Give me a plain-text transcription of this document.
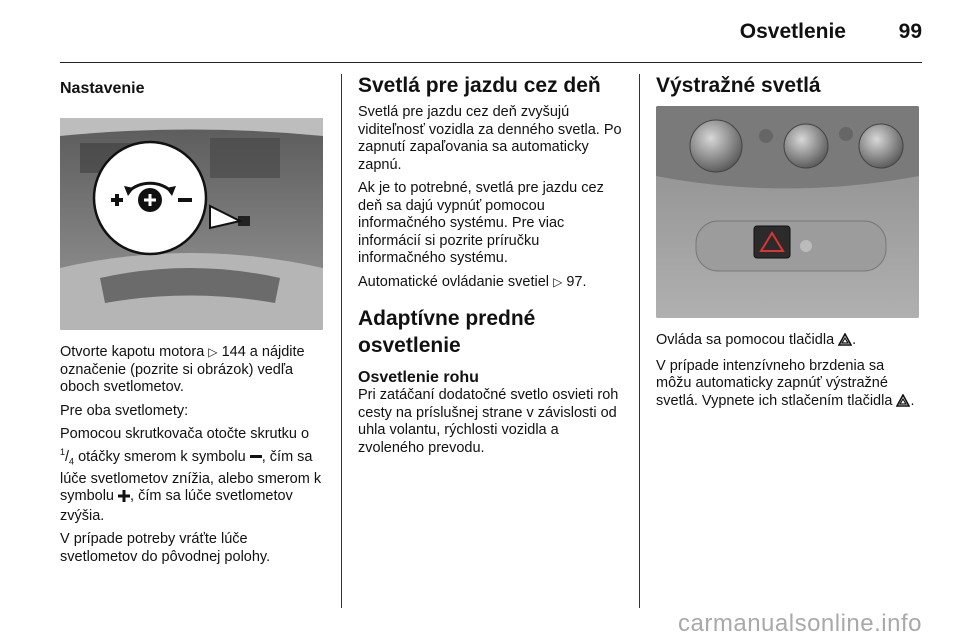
Osvetlenie	99
Nastavenie

Otvorte kapotu motora ▷ 144 a nájdite označenie (pozrite si obrázok) vedľa oboch svetlometov.

Pre oba svetlomety:

Pomocou skrutkovača otočte skrutku o $^1/_4$ otáčky smerom k symbolu , čím sa lúče svetlometov znížia, alebo smerom k symbolu , čím sa lúče svetlometov zvýšia.

V prípade potreby vráťte lúče svetlometov do pôvodnej polohy.

Svetlá pre jazdu cez deň

Svetlá pre jazdu cez deň zvyšujú viditeľnosť vozidla za denného svetla. Po zapnutí zapaľovania sa automaticky zapnú.

Ak je to potrebné, svetlá pre jazdu cez deň sa dajú vypnúť pomocou informačného systému. Pre viac informácií si pozrite príručku informačného systému.

Automatické ovládanie svetiel ▷ 97.

Adaptívne predné
osvetlenie
Osvetlenie rohu

Pri zatáčaní dodatočné svetlo osvieti roh cesty na príslušnej strane v závislosti od uhla volantu, rýchlosti vozidla a zvoleného prevodu.

Výstražné svetlá

Ovláda sa pomocou tlačidla .

V prípade intenzívneho brzdenia sa môžu automaticky zapnúť výstražné svetlá. Vypnete ich stlačením tlačidla .

carmanualsonline.info
